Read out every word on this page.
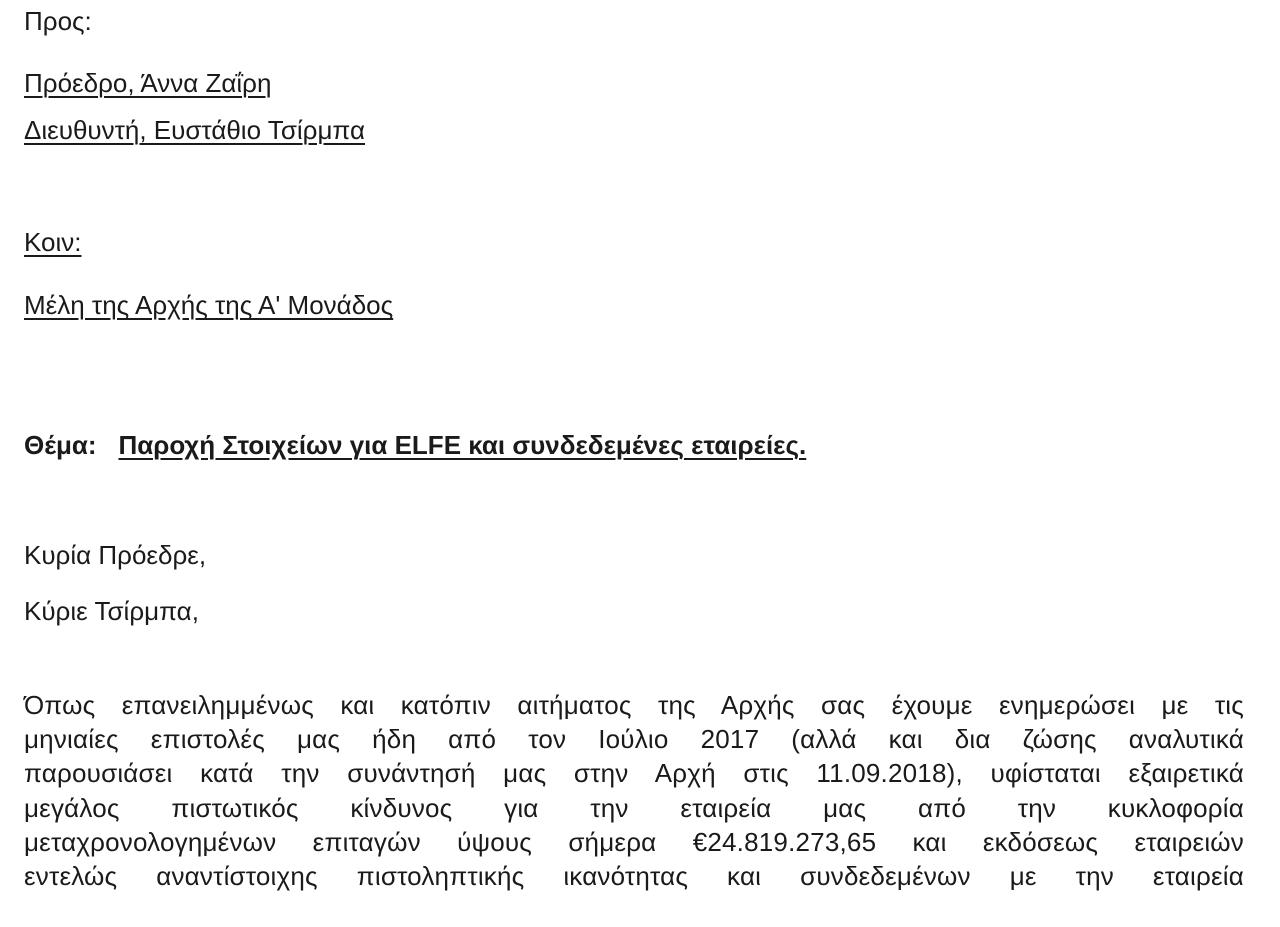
Προς:
Πρόεδρο, Άννα Ζαΐρη
Διευθυντή, Ευστάθιο Τσίρμπα
Κοιν:
Μέλη της Αρχής της Α' Μονάδος
Θέμα: Παροχή Στοιχείων για ELFE και συνδεδεμένες εταιρείες.
Κυρία Πρόεδρε,
Κύριε Τσίρμπα,
Όπως επανειλημμένως και κατόπιν αιτήματος της Αρχής σας έχουμε ενημερώσει με τις
μηνιαίες επιστολές μας ήδη από τον Ιούλιο 2017 (αλλά και δια ζώσης αναλυτικά
παρουσιάσει κατά την συνάντησή μας στην Αρχή στις 11.09.2018), υφίσταται εξαιρετικά
μεγάλος πιστωτικός κίνδυνος για την εταιρεία μας από την κυκλοφορία
μεταχρονολογημένων επιταγών ύψους σήμερα €24.819.273,65 και εκδόσεως εταιρειών
εντελώς αναντίστοιχης πιστοληπτικής ικανότητας και συνδεδεμένων με την εταιρεία
